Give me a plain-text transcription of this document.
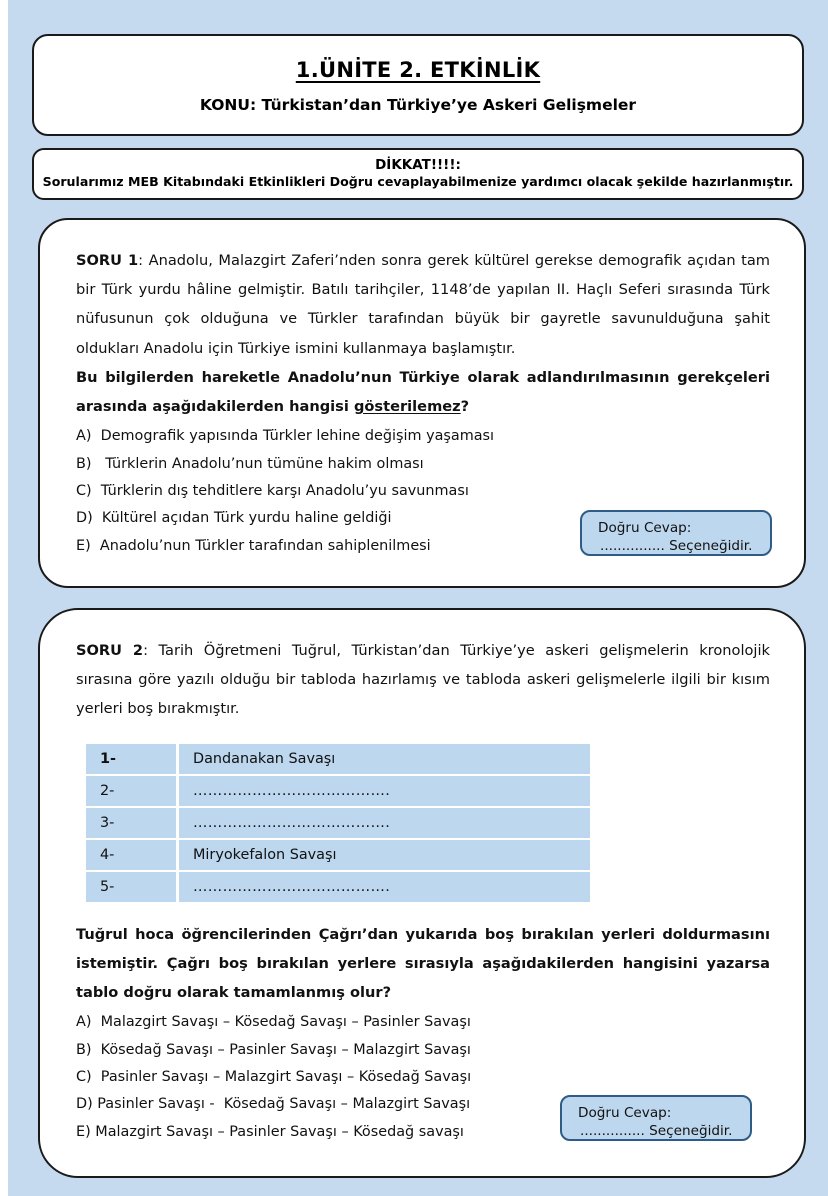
1.ÜNİTE 2. ETKİNLİK
KONU: Türkistan’dan Türkiye’ye Askeri Gelişmeler
DİKKAT!!!!:
Sorularımız MEB Kitabındaki Etkinlikleri Doğru cevaplayabilmenize yardımcı olacak şekilde hazırlanmıştır.

SORU 1: Anadolu, Malazgirt Zaferi’nden sonra gerek kültürel gerekse demografik açıdan tam bir Türk yurdu hâline gelmiştir. Batılı tarihçiler, 1148’de yapılan II. Haçlı Seferi sırasında Türk nüfusunun çok olduğuna ve Türkler tarafından büyük bir gayretle savunulduğuna şahit oldukları Anadolu için Türkiye ismini kullanmaya başlamıştır.

Bu bilgilerden hareketle Anadolu’nun Türkiye olarak adlandırılmasının gerekçeleri arasında aşağıdakilerden hangisi gösterilemez?

A)  Demografik yapısında Türkler lehine değişim yaşaması
B)   Türklerin Anadolu’nun tümüne hakim olması
C)  Türklerin dış tehditlere karşı Anadolu’yu savunması
D)  Kültürel açıdan Türk yurdu haline geldiği
E)  Anadolu’nun Türkler tarafından sahiplenilmesi
Doğru Cevap:
............... Seçeneğidir.

SORU 2: Tarih Öğretmeni Tuğrul, Türkistan’dan Türkiye’ye askeri gelişmelerin kronolojik sırasına göre yazılı olduğu bir tabloda hazırlamış ve tabloda askeri gelişmelerle ilgili bir kısım yerleri boş bırakmıştır.

1-	Dandanakan Savaşı
2-	………………………………….
3-	………………………………….
4-	Miryokefalon Savaşı
5-	………………………………….

Tuğrul hoca öğrencilerinden Çağrı’dan yukarıda boş bırakılan yerleri doldurmasını istemiştir. Çağrı boş bırakılan yerlere sırasıyla aşağıdakilerden hangisini yazarsa tablo doğru olarak tamamlanmış olur?

A)  Malazgirt Savaşı – Kösedağ Savaşı – Pasinler Savaşı
B)  Kösedağ Savaşı – Pasinler Savaşı – Malazgirt Savaşı
C)  Pasinler Savaşı – Malazgirt Savaşı – Kösedağ Savaşı
D) Pasinler Savaşı -  Kösedağ Savaşı – Malazgirt Savaşı
E) Malazgirt Savaşı – Pasinler Savaşı – Kösedağ savaşı
Doğru Cevap:
............... Seçeneğidir.
